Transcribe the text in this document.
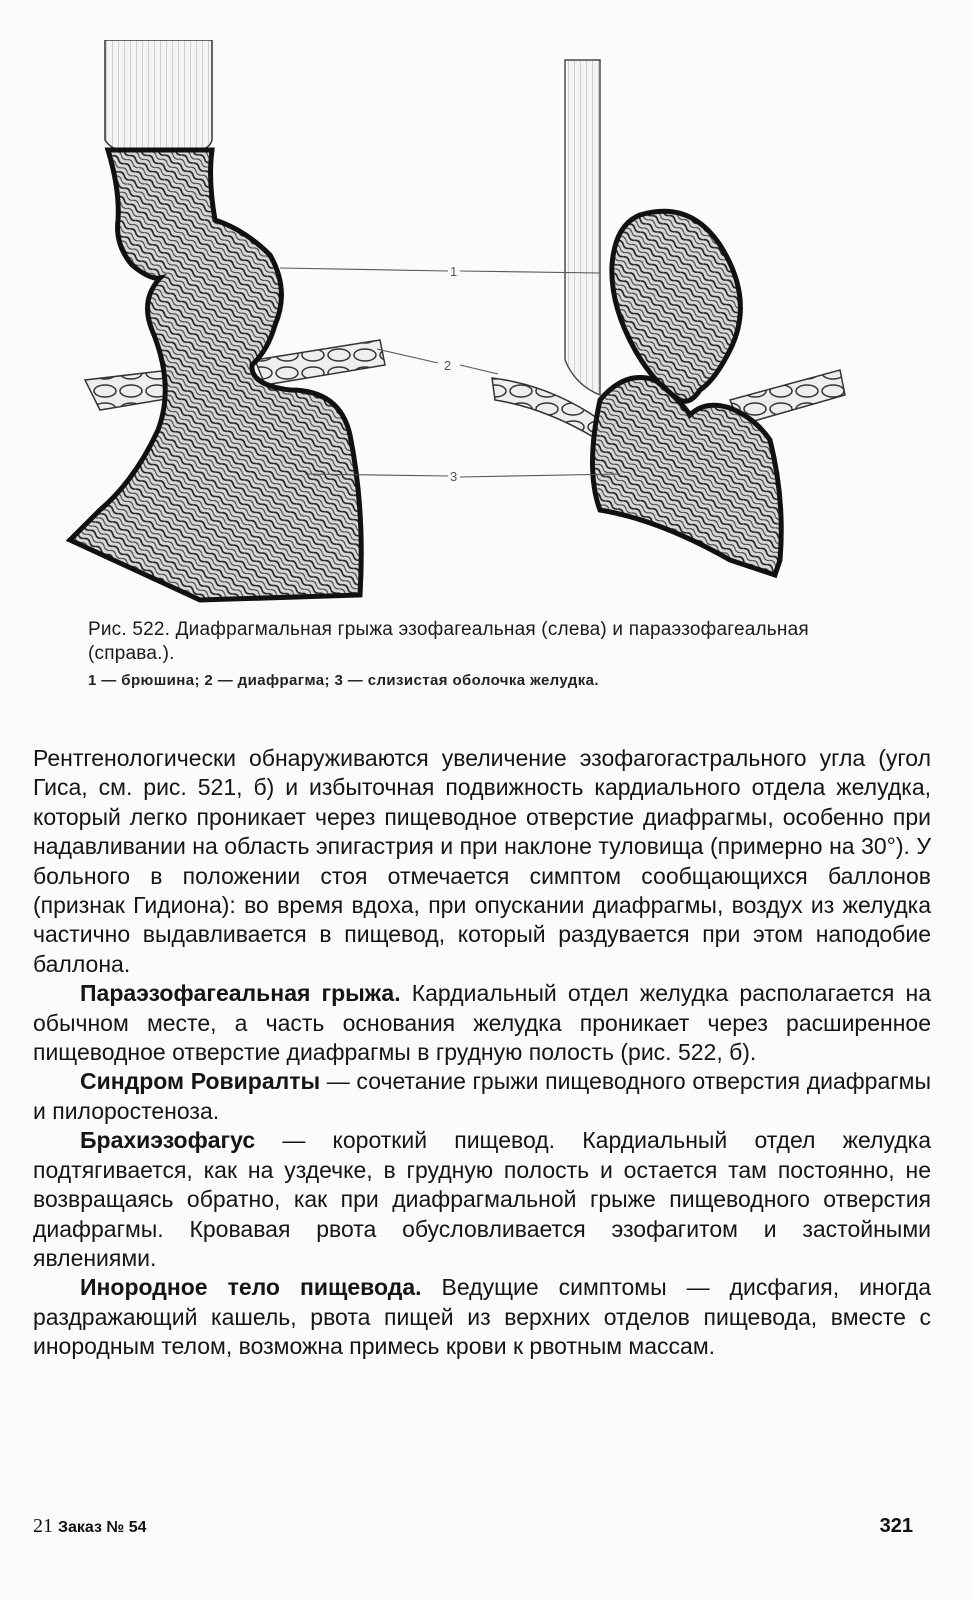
1
2
3
Рис. 522. Диафрагмальная грыжа эзофагеальная (слева) и параэзофагеальная (справа.).
1 — брюшина; 2 — диафрагма; 3 — слизистая оболочка желудка.

Рентгенологически обнаруживаются увеличение эзофагогастрального угла (угол Гиса, см. рис. 521, б) и избыточная подвижность кардиального отдела желудка, который легко проникает через пищеводное отверстие диафрагмы, особенно при надавливании на область эпигастрия и при наклоне туловища (примерно на 30°). У больного в положении стоя отмечается симптом сообщающихся баллонов (признак Гидиона): во время вдоха, при опускании диафрагмы, воздух из желудка частично выдавливается в пищевод, который раздувается при этом наподобие баллона.

Параэзофагеальная грыжа. Кардиальный отдел желудка располагается на обычном месте, а часть основания желудка проникает через расширенное пищеводное отверстие диафрагмы в грудную полость (рис. 522, б).

Синдром Ровиралты — сочетание грыжи пищеводного отверстия диафрагмы и пилоростеноза.

Брахиэзофагус — короткий пищевод. Кардиальный отдел желудка подтягивается, как на уздечке, в грудную полость и остается там постоянно, не возвращаясь обратно, как при диафрагмальной грыже пищеводного отверстия диафрагмы. Кровавая рвота обусловливается эзофагитом и застойными явлениями.

Инородное тело пищевода. Ведущие симптомы — дисфагия, иногда раздражающий кашель, рвота пищей из верхних отделов пищевода, вместе с инородным телом, возможна примесь крови к рвотным массам.

21 Заказ № 54	321
